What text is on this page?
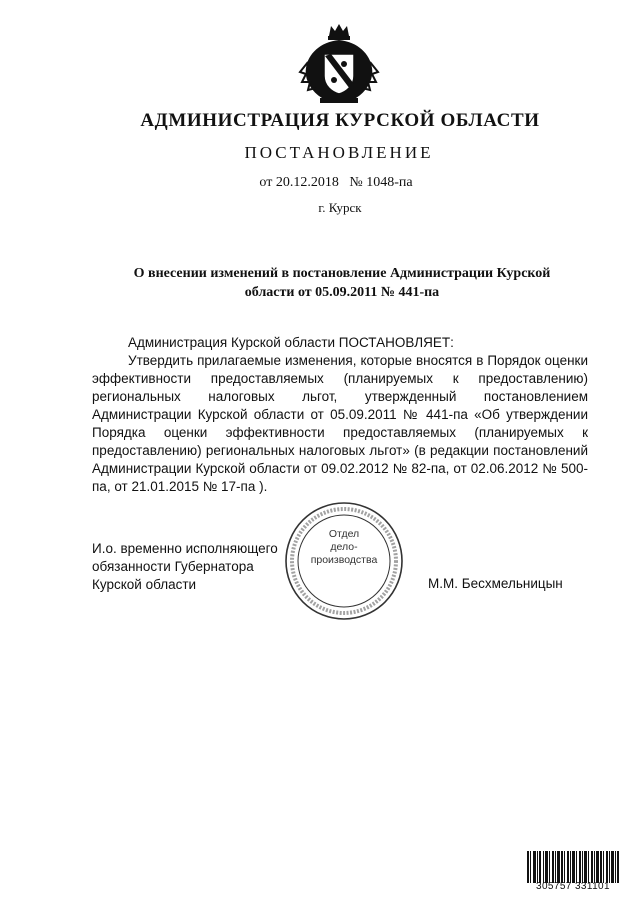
АДМИНИСТРАЦИЯ КУРСКОЙ ОБЛАСТИ
ПОСТАНОВЛЕНИЕ
от 20.12.2018   № 1048-па
г. Курск
О внесении изменений в постановление Администрации Курской
области от 05.09.2011 № 441-па

Администрация Курской области ПОСТАНОВЛЯЕТ:

Утвердить прилагаемые изменения, которые вносятся в Порядок оценки эффективности предоставляемых (планируемых к предоставлению) региональных налоговых льгот, утвержденный постановлением Администрации Курской области от 05.09.2011 № 441-па «Об утверждении Порядка оценки эффективности предоставляемых (планируемых к предоставлению) региональных налоговых льгот» (в редакции постановлений Администрации Курской области от 09.02.2012 № 82-па, от 02.06.2012 № 500-па, от 21.01.2015 № 17-па ).

И.о. временно исполняющего
обязанности Губернатора
Курской области
Отдел
дело-
производства
М.М. Бесхмельницын
305757 331101
